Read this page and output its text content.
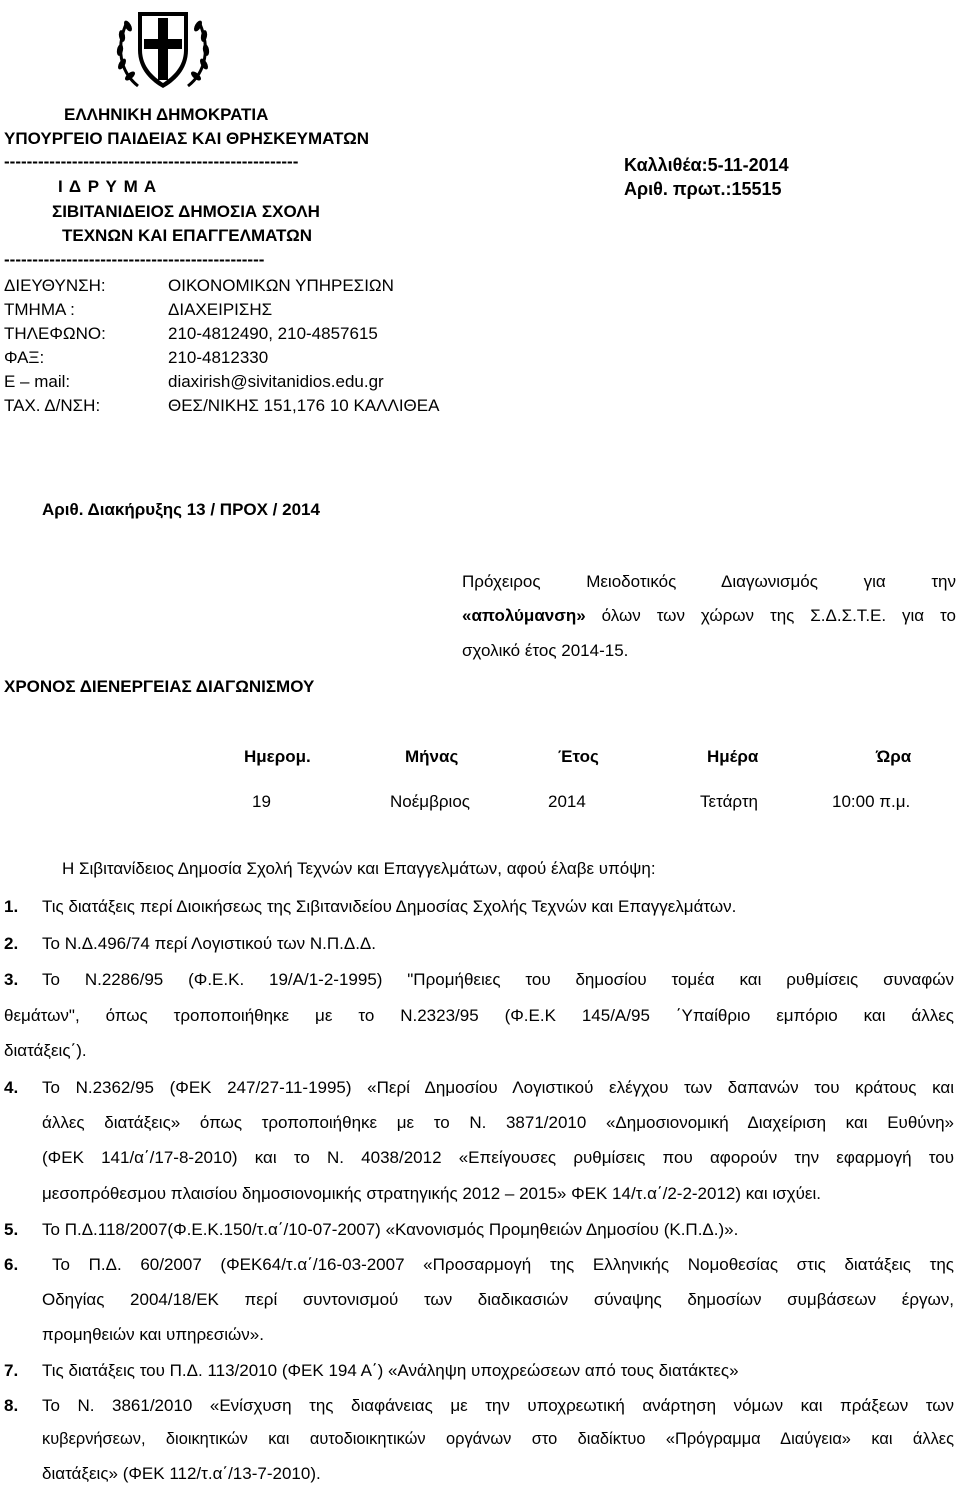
ΕΛΛΗΝΙΚΗ ΔΗΜΟΚΡΑΤΙΑ
ΥΠΟΥΡΓΕΙΟ ΠΑΙΔΕΙΑΣ ΚΑΙ ΘΡΗΣΚΕΥΜΑΤΩΝ
----------------------------------------------------
Ι Δ Ρ Υ Μ Α
ΣΙΒΙΤΑΝΙΔΕΙΟΣ ΔΗΜΟΣΙΑ ΣΧΟΛΗ
ΤΕΧΝΩΝ ΚΑΙ ΕΠΑΓΓΕΛΜΑΤΩΝ
----------------------------------------------
Καλλιθέα:5-11-2014
Αριθ. πρωτ.:15515
ΔΙΕΥΘΥΝΣΗ:	ΟΙΚΟΝΟΜΙΚΩΝ ΥΠΗΡΕΣΙΩΝ
ΤΜΗΜΑ :	ΔΙΑΧΕΙΡΙΣΗΣ
ΤΗΛΕΦΩΝΟ:	210-4812490, 210-4857615
ΦΑΞ:	210-4812330
E – mail:	diaxirish@sivitanidios.edu.gr
ΤΑΧ. Δ/ΝΣΗ:	ΘΕΣ/ΝΙΚΗΣ 151,176 10 ΚΑΛΛΙΘΕΑ
Αριθ. Διακήρυξης 13 / ΠΡΟΧ / 2014
ΧΡΟΝΟΣ ΔΙΕΝΕΡΓΕΙΑΣ ΔΙΑΓΩΝΙΣΜΟΥ
Πρόχειρος Μειοδοτικός Διαγωνισμός για την
«απολύμανση» όλων των χώρων της Σ.Δ.Σ.Τ.Ε. για το
σχολικό έτος 2014-15.
Ημερομ.	Μήνας	Έτος	Ημέρα	Ώρα
19	Νοέμβριος	2014	Τετάρτη	10:00 π.μ.
Η Σιβιτανίδειος Δημοσία Σχολή Τεχνών και Επαγγελμάτων, αφού έλαβε υπόψη:
1. Τις διατάξεις περί Διοικήσεως της Σιβιτανιδείου Δημοσίας Σχολής Τεχνών και Επαγγελμάτων.
2. Το Ν.Δ.496/74 περί Λογιστικού των Ν.Π.Δ.Δ.
3. Το Ν.2286/95 (Φ.Ε.Κ. 19/Α/1-2-1995) "Προμήθειες του δημοσίου τομέα και ρυθμίσεις συναφών
θεμάτων", όπως τροποποιήθηκε με το Ν.2323/95 (Φ.Ε.Κ 145/Α/95 ΄Υπαίθριο εμπόριο και άλλες
διατάξεις΄).
4. Το Ν.2362/95 (ΦΕΚ 247/27-11-1995) «Περί Δημοσίου Λογιστικού ελέγχου των δαπανών του κράτους και
άλλες διατάξεις» όπως τροποποιήθηκε με το Ν. 3871/2010 «Δημοσιονομική Διαχείριση και Ευθύνη»
(ΦΕΚ 141/α΄/17-8-2010) και το Ν. 4038/2012 «Επείγουσες ρυθμίσεις που αφορούν την εφαρμογή του
μεσοπρόθεσμου πλαισίου δημοσιονομικής στρατηγικής 2012 – 2015» ΦΕΚ 14/τ.α΄/2-2-2012) και ισχύει.
5. Το Π.Δ.118/2007(Φ.Ε.Κ.150/τ.α΄/10-07-2007) «Κανονισμός Προμηθειών Δημοσίου (Κ.Π.Δ.)».
6. Το Π.Δ. 60/2007 (ΦΕΚ64/τ.α΄/16-03-2007 «Προσαρμογή της Ελληνικής Νομοθεσίας στις διατάξεις της
Οδηγίας 2004/18/ΕΚ περί συντονισμού των διαδικασιών σύναψης δημοσίων συμβάσεων έργων,
προμηθειών και υπηρεσιών».
7. Τις διατάξεις του Π.Δ. 113/2010 (ΦΕΚ 194 Α΄) «Ανάληψη υποχρεώσεων από τους διατάκτες»
8. Το Ν. 3861/2010 «Ενίσχυση της διαφάνειας με την υποχρεωτική ανάρτηση νόμων και πράξεων των
κυβερνήσεων, διοικητικών και αυτοδιοικητικών οργάνων στο διαδίκτυο «Πρόγραμμα Διαύγεια» και άλλες
διατάξεις» (ΦΕΚ 112/τ.α΄/13-7-2010).
